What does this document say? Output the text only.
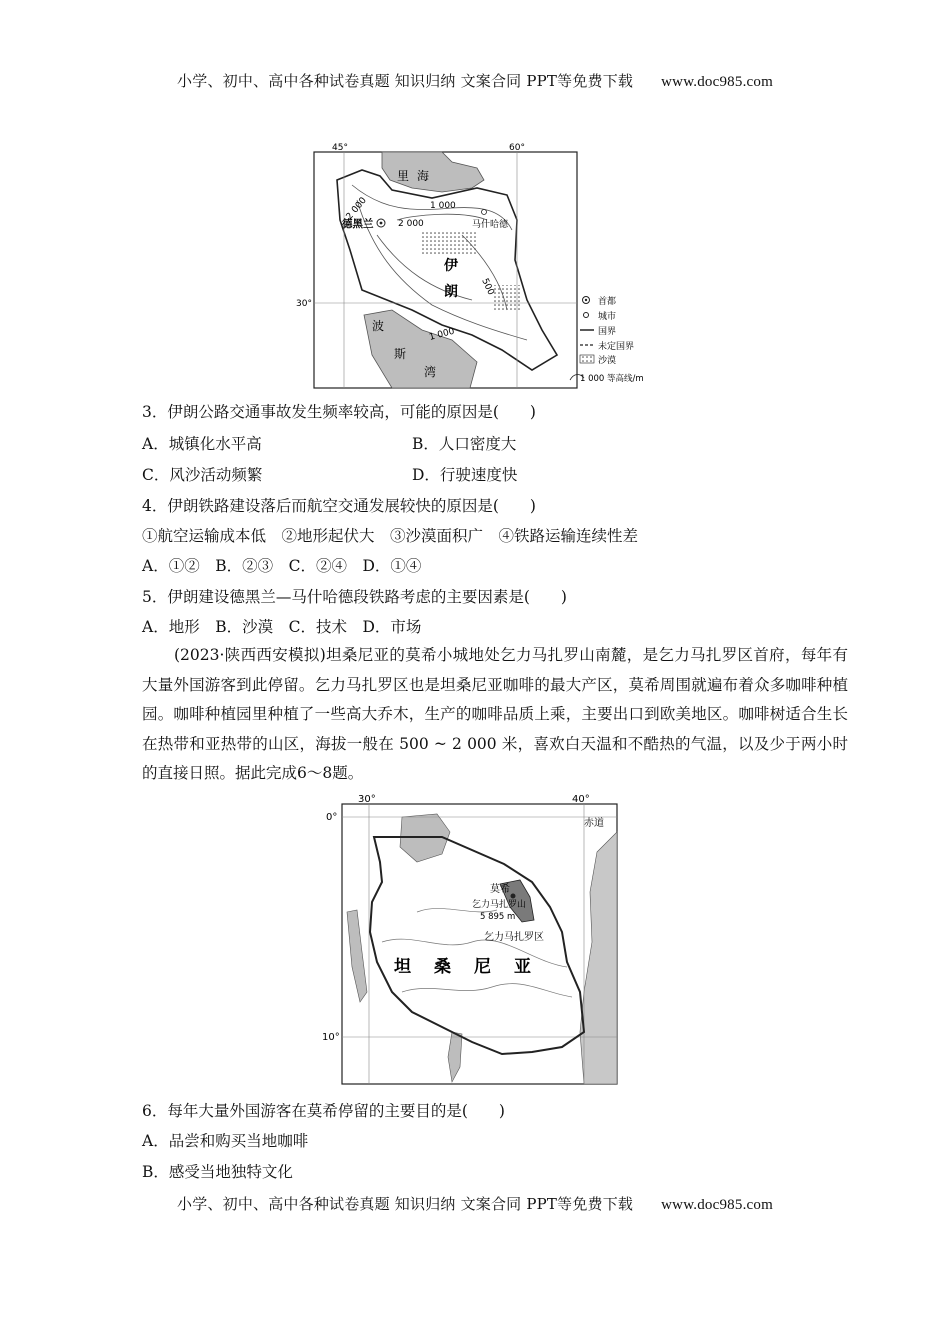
小学、初中、高中各种试卷真题 知识归纳 文案合同 PPT等免费下载 www.doc985.com
45°	60°
30°
里 海
1 000
2 000
德黑兰	2 000	马什哈德
500
伊
朗
1 000
波
斯
湾
首都
城市
国界
未定国界
沙漠
1 000 等高线/m
3．伊朗公路交通事故发生频率较高，可能的原因是(　　)
A．城镇化水平高	B．人口密度大
C．风沙活动频繁	D．行驶速度快
4．伊朗铁路建设落后而航空交通发展较快的原因是(　　)
①航空运输成本低　②地形起伏大　③沙漠面积广　④铁路运输连续性差
A．①②　B．②③　C．②④　D．①④
5．伊朗建设德黑兰—马什哈德段铁路考虑的主要因素是(　　)
A．地形　B．沙漠　C．技术　D．市场
(2023·陕西西安模拟)坦桑尼亚的莫希小城地处乞力马扎罗山南麓，是乞力马扎罗区首府，每年有大量外国游客到此停留。乞力马扎罗区也是坦桑尼亚咖啡的最大产区，莫希周围就遍布着众多咖啡种植园。咖啡种植园里种植了一些高大乔木，生产的咖啡品质上乘，主要出口到欧美地区。咖啡树适合生长在热带和亚热带的山区，海拔一般在 500 ~ 2 000 米，喜欢白天温和不酷热的气温，以及少于两小时的直接日照。据此完成6～8题。
30°	40°
0°
10°
赤道
莫希
乞力马扎罗山
5 895 m
乞力马扎罗区
坦 桑 尼 亚
6．每年大量外国游客在莫希停留的主要目的是(　　)
A．品尝和购买当地咖啡
B．感受当地独特文化
小学、初中、高中各种试卷真题 知识归纳 文案合同 PPT等免费下载 www.doc985.com
